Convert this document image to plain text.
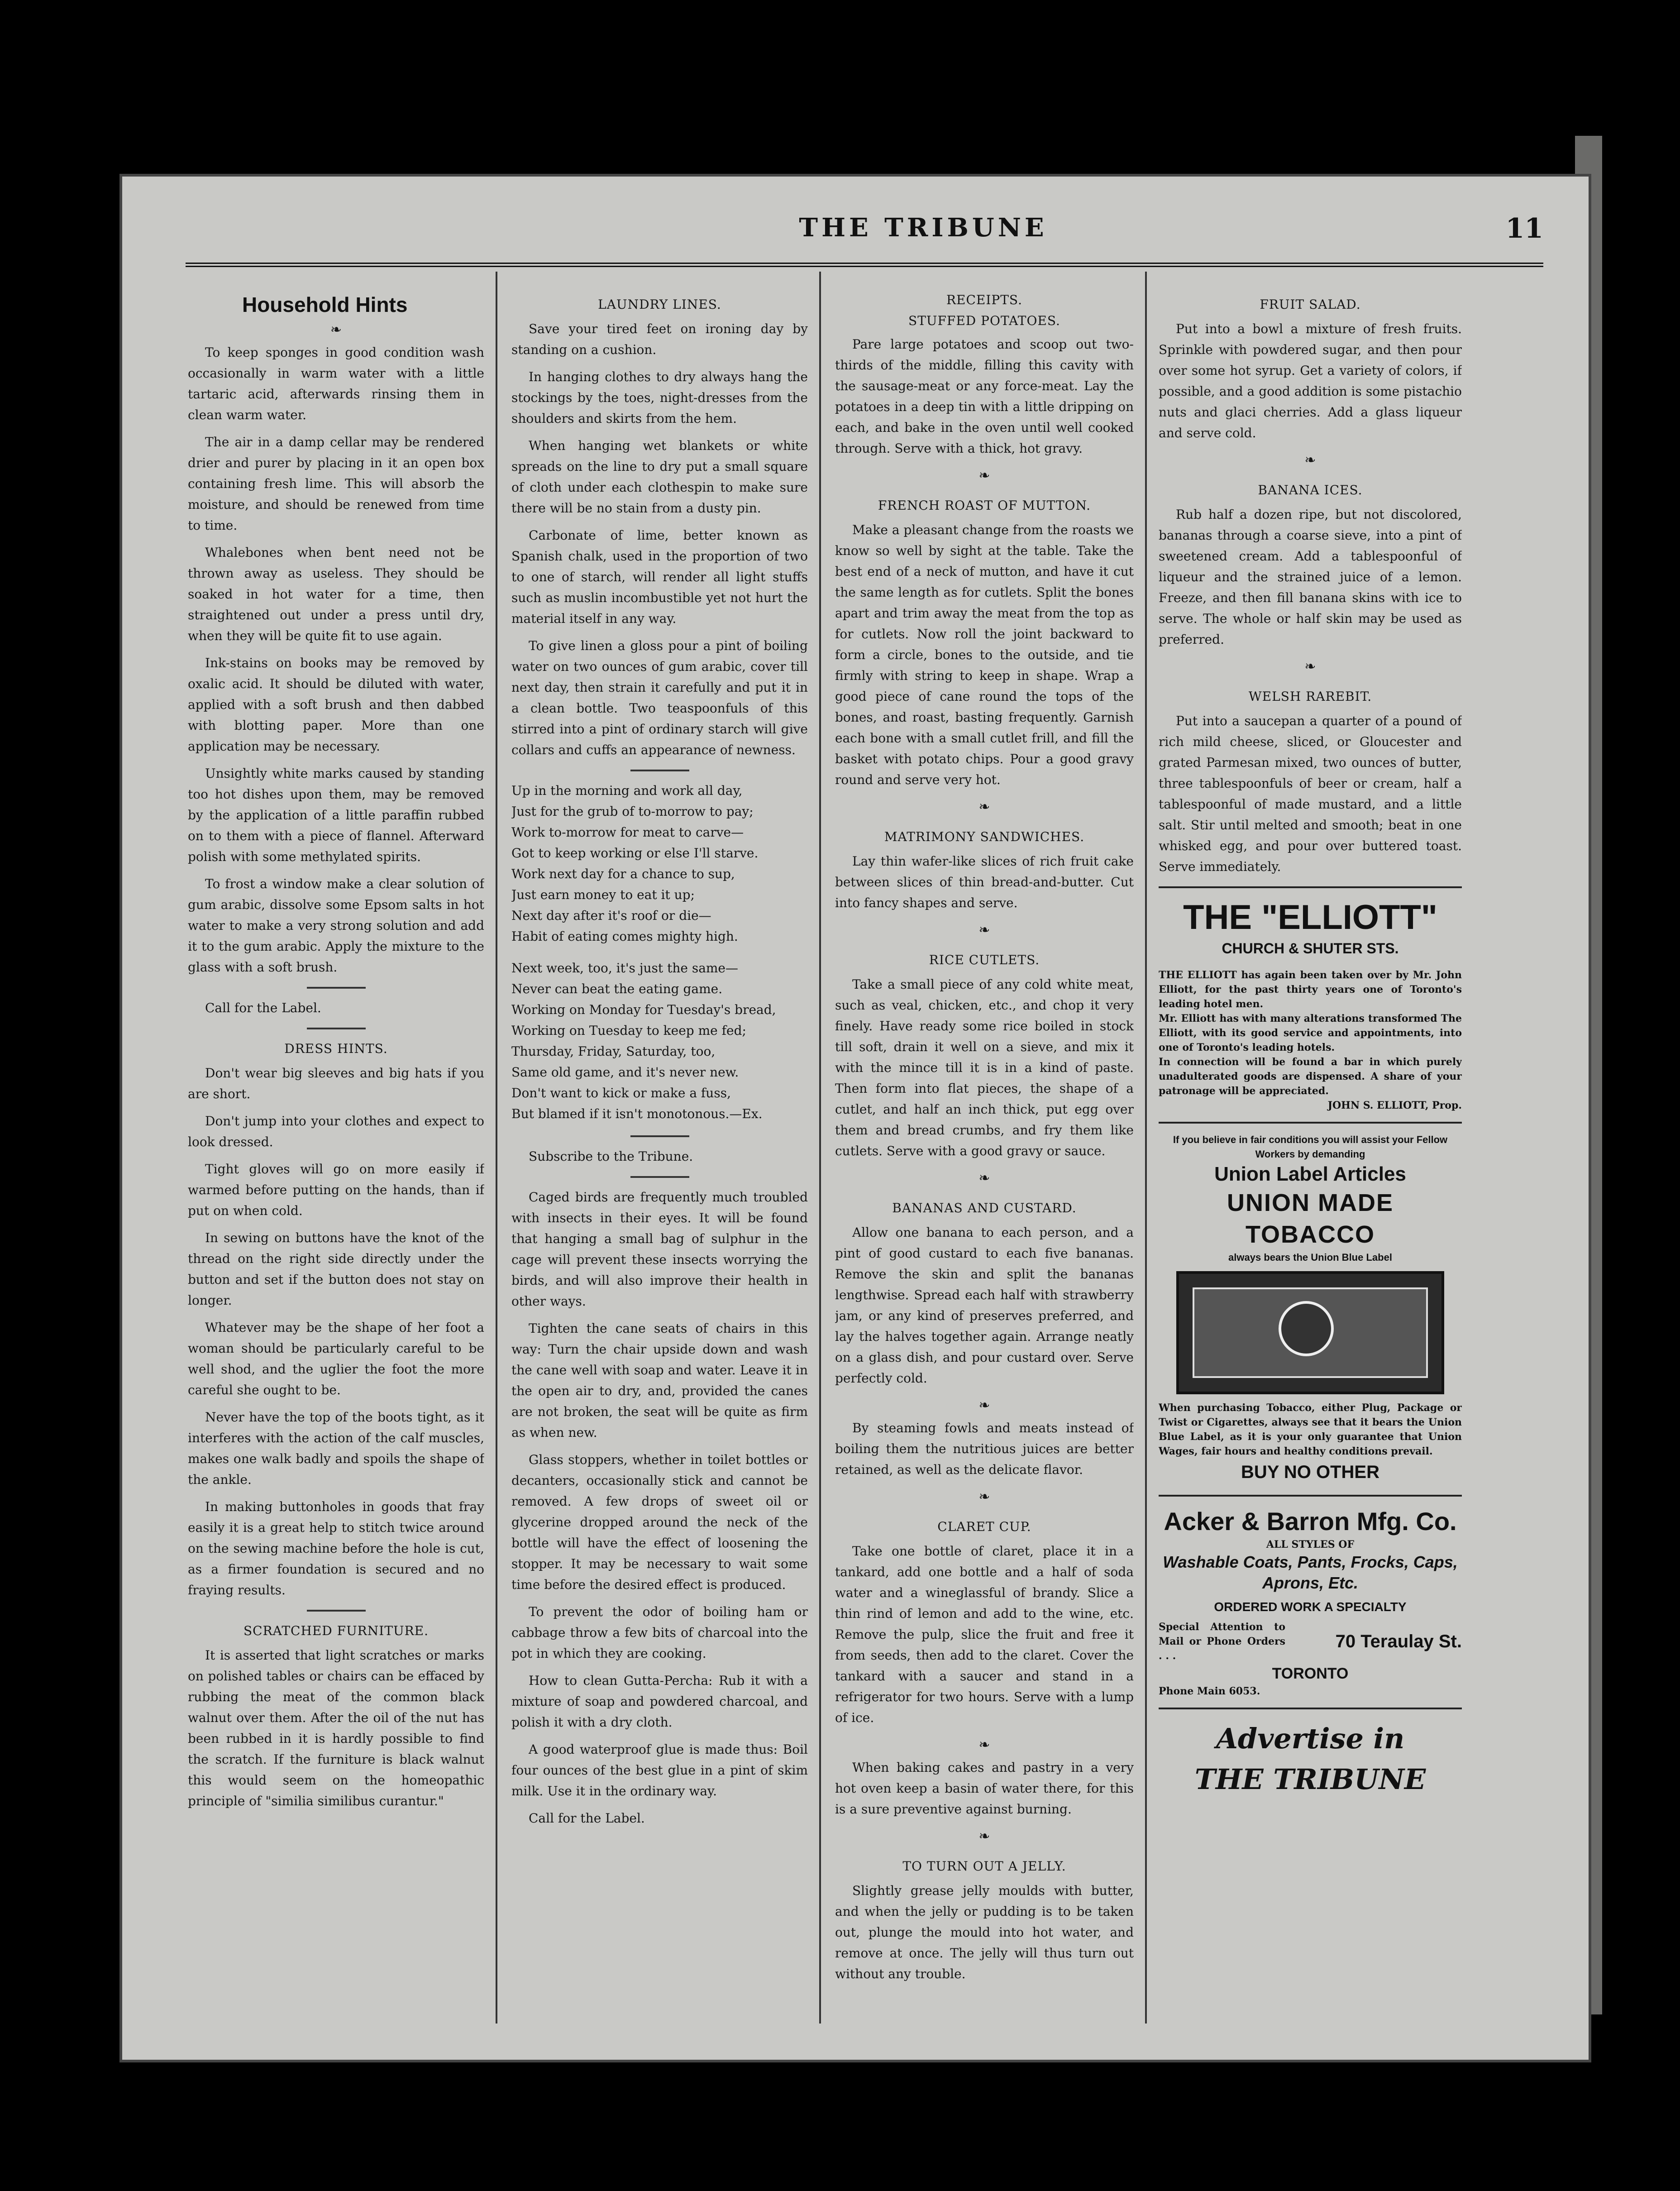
THE TRIBUNE	11
Household Hints
❧

To keep sponges in good condition wash occasionally in warm water with a little tartaric acid, afterwards rinsing them in clean warm water.

The air in a damp cellar may be rendered drier and purer by placing in it an open box containing fresh lime. This will absorb the moisture, and should be renewed from time to time.

Whalebones when bent need not be thrown away as useless. They should be soaked in hot water for a time, then straightened out under a press until dry, when they will be quite fit to use again.

Ink-stains on books may be removed by oxalic acid. It should be diluted with water, applied with a soft brush and then dabbed with blotting paper. More than one application may be necessary.

Unsightly white marks caused by standing too hot dishes upon them, may be removed by the application of a little paraffin rubbed on to them with a piece of flannel. Afterward polish with some methylated spirits.

To frost a window make a clear solution of gum arabic, dissolve some Epsom salts in hot water to make a very strong solution and add it to the gum arabic. Apply the mixture to the glass with a soft brush.

Call for the Label.

DRESS HINTS.

Don't wear big sleeves and big hats if you are short.

Don't jump into your clothes and expect to look dressed.

Tight gloves will go on more easily if warmed before putting on the hands, than if put on when cold.

In sewing on buttons have the knot of the thread on the right side directly under the button and set if the button does not stay on longer.

Whatever may be the shape of her foot a woman should be particularly careful to be well shod, and the uglier the foot the more careful she ought to be.

Never have the top of the boots tight, as it interferes with the action of the calf muscles, makes one walk badly and spoils the shape of the ankle.

In making buttonholes in goods that fray easily it is a great help to stitch twice around on the sewing machine before the hole is cut, as a firmer foundation is secured and no fraying results.

SCRATCHED FURNITURE.

It is asserted that light scratches or marks on polished tables or chairs can be effaced by rubbing the meat of the common black walnut over them. After the oil of the nut has been rubbed in it is hardly possible to find the scratch. If the furniture is black walnut this would seem on the homeopathic principle of "similia similibus curantur."

LAUNDRY LINES.

Save your tired feet on ironing day by standing on a cushion.

In hanging clothes to dry always hang the stockings by the toes, night-dresses from the shoulders and skirts from the hem.

When hanging wet blankets or white spreads on the line to dry put a small square of cloth under each clothespin to make sure there will be no stain from a dusty pin.

Carbonate of lime, better known as Spanish chalk, used in the proportion of two to one of starch, will render all light stuffs such as muslin incombustible yet not hurt the material itself in any way.

To give linen a gloss pour a pint of boiling water on two ounces of gum arabic, cover till next day, then strain it carefully and put it in a clean bottle. Two teaspoonfuls of this stirred into a pint of ordinary starch will give collars and cuffs an appearance of newness.

Up in the morning and work all day,
Just for the grub of to-morrow to pay;
Work to-morrow for meat to carve—
Got to keep working or else I'll starve.
Work next day for a chance to sup,
Just earn money to eat it up;
Next day after it's roof or die—
Habit of eating comes mighty high.
Next week, too, it's just the same—
Never can beat the eating game.
Working on Monday for Tuesday's bread,
Working on Tuesday to keep me fed;
Thursday, Friday, Saturday, too,
Same old game, and it's never new.
Don't want to kick or make a fuss,
But blamed if it isn't monotonous.—Ex.

Subscribe to the Tribune.

Caged birds are frequently much troubled with insects in their eyes. It will be found that hanging a small bag of sulphur in the cage will prevent these insects worrying the birds, and will also improve their health in other ways.

Tighten the cane seats of chairs in this way: Turn the chair upside down and wash the cane well with soap and water. Leave it in the open air to dry, and, provided the canes are not broken, the seat will be quite as firm as when new.

Glass stoppers, whether in toilet bottles or decanters, occasionally stick and cannot be removed. A few drops of sweet oil or glycerine dropped around the neck of the bottle will have the effect of loosening the stopper. It may be necessary to wait some time before the desired effect is produced.

To prevent the odor of boiling ham or cabbage throw a few bits of charcoal into the pot in which they are cooking.

How to clean Gutta-Percha: Rub it with a mixture of soap and powdered charcoal, and polish it with a dry cloth.

A good waterproof glue is made thus: Boil four ounces of the best glue in a pint of skim milk. Use it in the ordinary way.

Call for the Label.

RECEIPTS.
STUFFED POTATOES.

Pare large potatoes and scoop out two-thirds of the middle, filling this cavity with the sausage-meat or any force-meat. Lay the potatoes in a deep tin with a little dripping on each, and bake in the oven until well cooked through. Serve with a thick, hot gravy.

❧
FRENCH ROAST OF MUTTON.

Make a pleasant change from the roasts we know so well by sight at the table. Take the best end of a neck of mutton, and have it cut the same length as for cutlets. Split the bones apart and trim away the meat from the top as for cutlets. Now roll the joint backward to form a circle, bones to the outside, and tie firmly with string to keep in shape. Wrap a good piece of cane round the tops of the bones, and roast, basting frequently. Garnish each bone with a small cutlet frill, and fill the basket with potato chips. Pour a good gravy round and serve very hot.

❧
MATRIMONY SANDWICHES.

Lay thin wafer-like slices of rich fruit cake between slices of thin bread-and-butter. Cut into fancy shapes and serve.

❧
RICE CUTLETS.

Take a small piece of any cold white meat, such as veal, chicken, etc., and chop it very finely. Have ready some rice boiled in stock till soft, drain it well on a sieve, and mix it with the mince till it is in a kind of paste. Then form into flat pieces, the shape of a cutlet, and half an inch thick, put egg over them and bread crumbs, and fry them like cutlets. Serve with a good gravy or sauce.

❧
BANANAS AND CUSTARD.

Allow one banana to each person, and a pint of good custard to each five bananas. Remove the skin and split the bananas lengthwise. Spread each half with strawberry jam, or any kind of preserves preferred, and lay the halves together again. Arrange neatly on a glass dish, and pour custard over. Serve perfectly cold.

❧

By steaming fowls and meats instead of boiling them the nutritious juices are better retained, as well as the delicate flavor.

❧
CLARET CUP.

Take one bottle of claret, place it in a tankard, add one bottle and a half of soda water and a wineglassful of brandy. Slice a thin rind of lemon and add to the wine, etc. Remove the pulp, slice the fruit and free it from seeds, then add to the claret. Cover the tankard with a saucer and stand in a refrigerator for two hours. Serve with a lump of ice.

❧

When baking cakes and pastry in a very hot oven keep a basin of water there, for this is a sure preventive against burning.

❧
TO TURN OUT A JELLY.

Slightly grease jelly moulds with butter, and when the jelly or pudding is to be taken out, plunge the mould into hot water, and remove at once. The jelly will thus turn out without any trouble.

FRUIT SALAD.

Put into a bowl a mixture of fresh fruits. Sprinkle with powdered sugar, and then pour over some hot syrup. Get a variety of colors, if possible, and a good addition is some pistachio nuts and glaci cherries. Add a glass liqueur and serve cold.

❧
BANANA ICES.

Rub half a dozen ripe, but not discolored, bananas through a coarse sieve, into a pint of sweetened cream. Add a tablespoonful of liqueur and the strained juice of a lemon. Freeze, and then fill banana skins with ice to serve. The whole or half skin may be used as preferred.

❧
WELSH RAREBIT.

Put into a saucepan a quarter of a pound of rich mild cheese, sliced, or Gloucester and grated Parmesan mixed, two ounces of butter, three tablespoonfuls of beer or cream, half a tablespoonful of made mustard, and a little salt. Stir until melted and smooth; beat in one whisked egg, and pour over buttered toast. Serve immediately.

THE "ELLIOTT"
CHURCH & SHUTER STS.
THE ELLIOTT has again been taken over by Mr. John Elliott, for the past thirty years one of Toronto's leading hotel men.
Mr. Elliott has with many alterations transformed The Elliott, with its good service and appointments, into one of Toronto's leading hotels.
In connection will be found a bar in which purely unadulterated goods are dispensed. A share of your patronage will be appreciated.
JOHN S. ELLIOTT, Prop.
If you believe in fair conditions you will assist your Fellow Workers by demanding
Union Label Articles
UNION MADE TOBACCO
always bears the Union Blue Label
When purchasing Tobacco, either Plug, Package or Twist or Cigarettes, always see that it bears the Union Blue Label, as it is your only guarantee that Union Wages, fair hours and healthy conditions prevail.
BUY NO OTHER
Acker & Barron Mfg. Co.
ALL STYLES OF
Washable Coats, Pants, Frocks, Caps, Aprons, Etc.
ORDERED WORK A SPECIALTY
Special Attention to Mail or Phone Orders . . .
70 Teraulay St.
TORONTO
Phone Main 6053.
Advertise in
THE TRIBUNE
